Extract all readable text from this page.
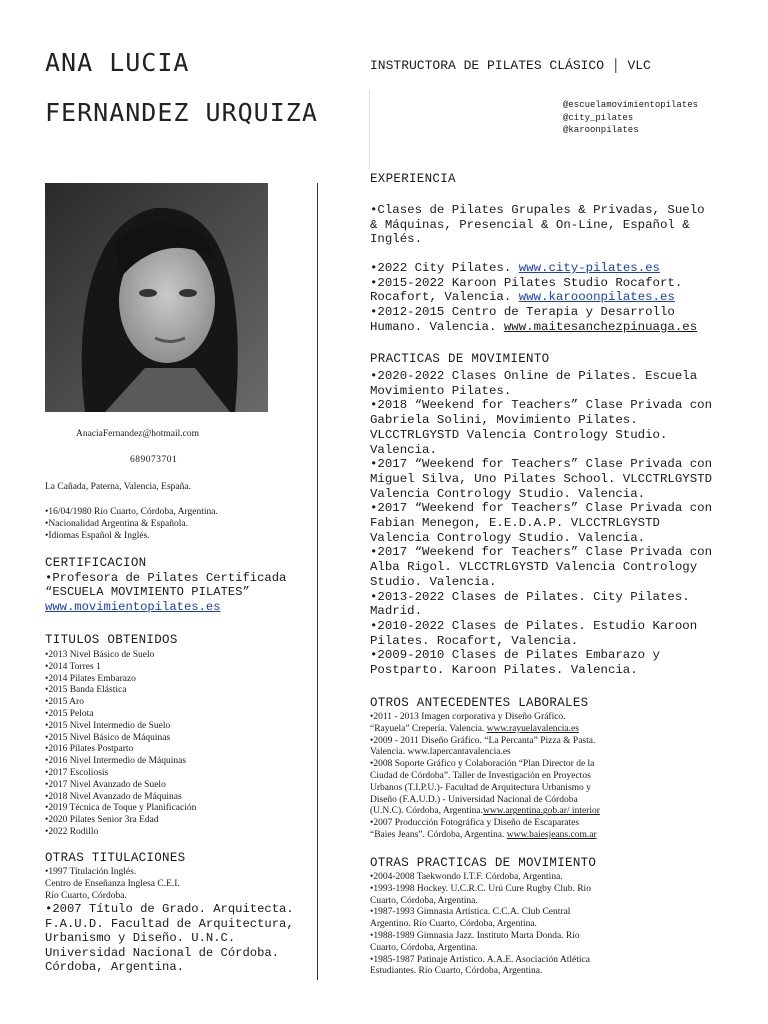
ANA LUCIA
FERNANDEZ URQUIZA
INSTRUCTORA DE PILATES CLÁSICO │ VLC
@escuelamovimientopilates
@city_pilates
@karoonpilates
AnaciaFernandez@hotmail.com
689073701
La Cañada, Paterna, Valencia, España.
•16/04/1980 Río Cuarto, Córdoba, Argentina.
•Nacionalidad Argentina & Española.
•Idiomas Español & Inglés.
CERTIFICACION
•Profesora de Pilates Certificada
“ESCUELA MOVIMIENTO PILATES”
www.movimientopilates.es
TITULOS OBTENIDOS
•2013 Nivel Básico de Suelo
•2014 Torres 1
•2014 Pilates Embarazo
•2015 Banda Elástica
•2015 Aro
•2015 Pelota
•2015 Nivel Intermedio de Suelo
•2015 Nivel Básico de Máquinas
•2016 Pilates Postparto
•2016 Nivel Intermedio de Máquinas
•2017 Escoliosis
•2017 Nivel Avanzado de Suelo
•2018 Nivel Avanzado de Máquinas
•2019 Técnica de Toque y Planificación
•2020 Pilates Senior 3ra Edad
•2022 Rodillo
OTRAS TITULACIONES
•1997 Titulación Inglés.
Centro de Enseñanza Inglesa C.E.I.
Río Cuarto, Córdoba.
•2007 Título de Grado. Arquitecta.
F.A.U.D. Facultad de Arquitectura,
Urbanismo y Diseño. U.N.C.
Universidad Nacional de Córdoba.
Córdoba, Argentina.
EXPERIENCIA
•Clases de Pilates Grupales & Privadas, Suelo
& Máquinas, Presencial & On-Line, Español &
Inglés.
•2022 City Pilates. www.city-pilates.es
•2015-2022 Karoon Pilates Studio Rocafort.
Rocafort, Valencia. www.karooonpilates.es
•2012-2015 Centro de Terapia y Desarrollo
Humano. Valencia. www.maitesanchezpinuaga.es
PRACTICAS DE MOVIMIENTO
•2020-2022 Clases Online de Pilates. Escuela
Movimiento Pilates.
•2018 “Weekend for Teachers” Clase Privada con
Gabriela Solini, Movimiento Pilates.
VLCCTRLGYSTD Valencia Contrology Studio.
Valencia.
•2017 “Weekend for Teachers” Clase Privada con
Miguel Silva, Uno Pilates School. VLCCTRLGYSTD
Valencia Contrology Studio. Valencia.
•2017 “Weekend for Teachers” Clase Privada con
Fabian Menegon, E.E.D.A.P. VLCCTRLGYSTD
Valencia Contrology Studio. Valencia.
•2017 “Weekend for Teachers” Clase Privada con
Alba Rigol. VLCCTRLGYSTD Valencia Contrology
Studio. Valencia.
•2013-2022 Clases de Pilates. City Pilates.
Madrid.
•2010-2022 Clases de Pilates. Estudio Karoon
Pilates. Rocafort, Valencia.
•2009-2010 Clases de Pilates Embarazo y
Postparto. Karoon Pilates. Valencia.
OTROS ANTECEDENTES LABORALES
•2011 - 2013 Imagen corporativa y Diseño Gráfico.
“Rayuela” Crepería. Valencia. www.rayuelavalencia.es
•2009 - 2011 Diseño Gráfico. “La Percanta” Pizza & Pasta.
Valencia. www.lapercantavalencia.es
•2008 Soporte Gráfico y Colaboración “Plan Director de la
Ciudad de Córdoba”. Taller de Investigación en Proyectos
Urbanos (T.I.P.U.)- Facultad de Arquitectura Urbanismo y
Diseño (F.A.U.D.) - Universidad Nacional de Córdoba
(U.N.C). Córdoba, Argentina.www.argentina.gob.ar/ interior
•2007 Producción Fotográfica y Diseño de Escaparates
“Baies Jeans”. Córdoba, Argentina. www.baiesjeans.com.ar
OTRAS PRACTICAS DE MOVIMIENTO
•2004-2008 Taekwondo I.T.F. Córdoba, Argentina.
•1993-1998 Hockey. U.C.R.C. Urú Cure Rugby Club. Río
Cuarto, Córdoba, Argentina.
•1987-1993 Gimnasia Artística. C.C.A. Club Central
Argentino. Río Cuarto, Córdoba, Argentina.
•1988-1989 Gimnasia Jazz. Instituto Marta Donda. Río
Cuarto, Córdoba, Argentina.
•1985-1987 Patinaje Artístico. A.A.E. Asociación Atlética
Estudiantes. Río Cuarto, Córdoba, Argentina.
